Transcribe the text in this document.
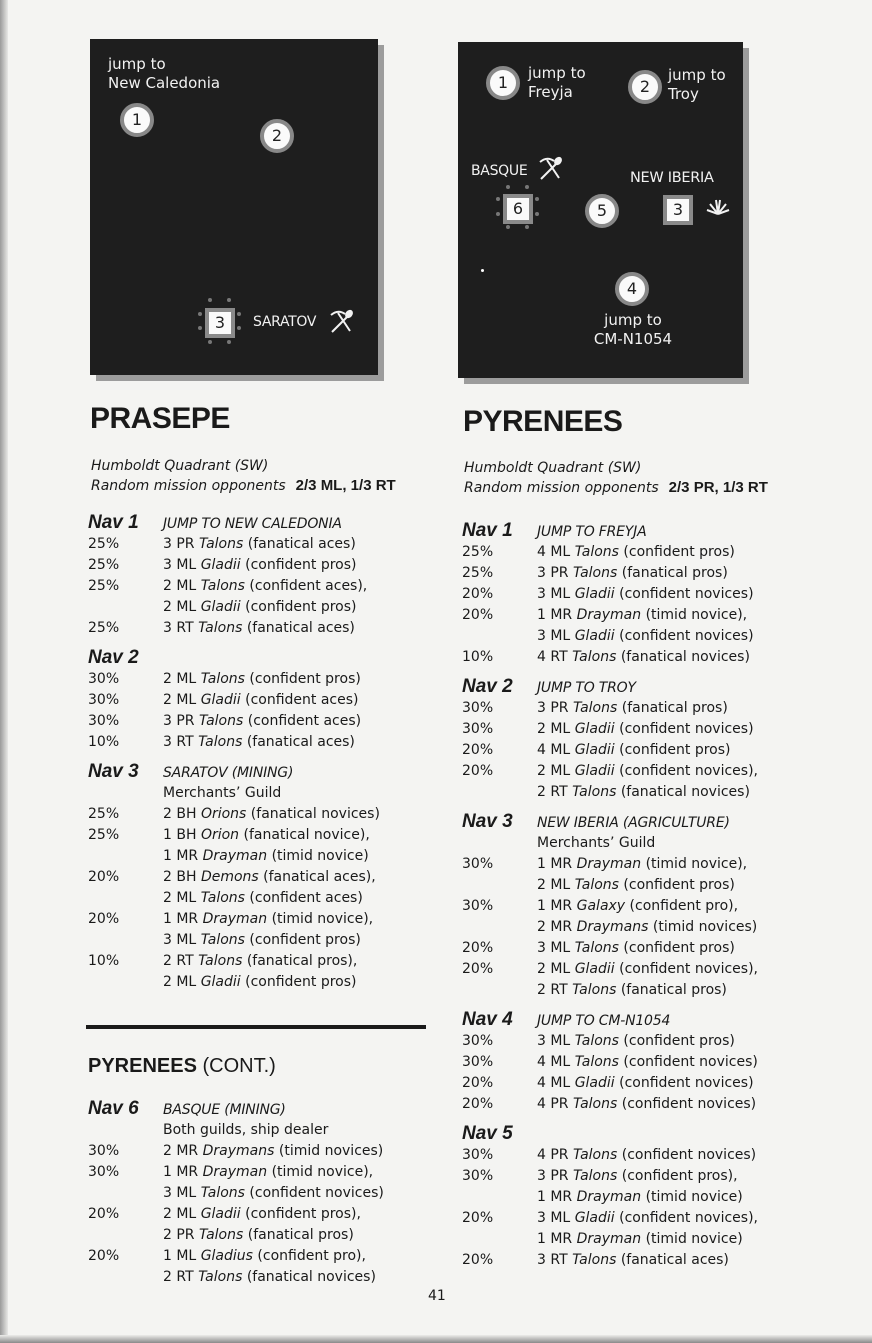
jump to
New Caledonia
1
2
3	SARATOV
1	jump to
Freyja	2
jump to
Troy
BASQUE
6	5
NEW IBERIA
3
4
jump to
CM-N1054
PRASEPE
Humboldt Quadrant (SW)
Random mission opponents 2/3 ML, 1/3 RT
Nav 1	JUMP TO NEW CALEDONIA
25%	3 PR Talons (fanatical aces)
25%	3 ML Gladii (confident pros)
25%	2 ML Talons (confident aces),
2 ML Gladii (confident pros)
25%	3 RT Talons (fanatical aces)
Nav 2
30%	2 ML Talons (confident pros)
30%	2 ML Gladii (confident aces)
30%	3 PR Talons (confident aces)
10%	3 RT Talons (fanatical aces)
Nav 3	SARATOV (MINING)
Merchants’ Guild
25%	2 BH Orions (fanatical novices)
25%	1 BH Orion (fanatical novice),
1 MR Drayman (timid novice)
20%	2 BH Demons (fanatical aces),
2 ML Talons (confident aces)
20%	1 MR Drayman (timid novice),
3 ML Talons (confident pros)
10%	2 RT Talons (fanatical pros),
2 ML Gladii (confident pros)
PYRENEES (CONT.)
Nav 6	BASQUE (MINING)
Both guilds, ship dealer
30%	2 MR Draymans (timid novices)
30%	1 MR Drayman (timid novice),
3 ML Talons (confident novices)
20%	2 ML Gladii (confident pros),
2 PR Talons (fanatical pros)
20%	1 ML Gladius (confident pro),
2 RT Talons (fanatical novices)
PYRENEES
Humboldt Quadrant (SW)
Random mission opponents 2/3 PR, 1/3 RT
Nav 1	JUMP TO FREYJA
25%	4 ML Talons (confident pros)
25%	3 PR Talons (fanatical pros)
20%	3 ML Gladii (confident novices)
20%	1 MR Drayman (timid novice),
3 ML Gladii (confident novices)
10%	4 RT Talons (fanatical novices)
Nav 2	JUMP TO TROY
30%	3 PR Talons (fanatical pros)
30%	2 ML Gladii (confident novices)
20%	4 ML Gladii (confident pros)
20%	2 ML Gladii (confident novices),
2 RT Talons (fanatical novices)
Nav 3	NEW IBERIA (AGRICULTURE)
Merchants’ Guild
30%	1 MR Drayman (timid novice),
2 ML Talons (confident pros)
30%	1 MR Galaxy (confident pro),
2 MR Draymans (timid novices)
20%	3 ML Talons (confident pros)
20%	2 ML Gladii (confident novices),
2 RT Talons (fanatical pros)
Nav 4	JUMP TO CM-N1054
30%	3 ML Talons (confident pros)
30%	4 ML Talons (confident novices)
20%	4 ML Gladii (confident novices)
20%	4 PR Talons (confident novices)
Nav 5
30%	4 PR Talons (confident novices)
30%	3 PR Talons (confident pros),
1 MR Drayman (timid novice)
20%	3 ML Gladii (confident novices),
1 MR Drayman (timid novice)
20%	3 RT Talons (fanatical aces)
41
